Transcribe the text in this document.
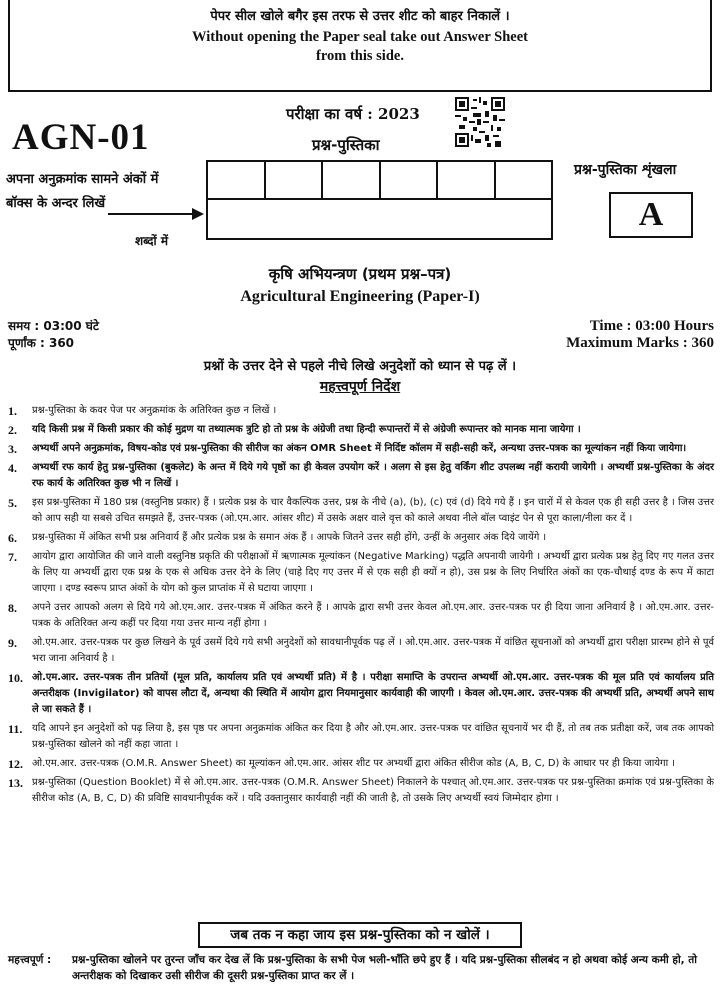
पेपर सील खोले बगैर इस तरफ से उत्तर शीट को बाहर निकालें ।
Without opening the Paper seal take out Answer Sheet
from this side.
AGN-01
परीक्षा का वर्ष : 2023
प्रश्न-पुस्तिका
अपना अनुक्रमांक सामने अंकों में
बॉक्स के अन्दर लिखें
शब्दों में
प्रश्न-पुस्तिका शृंखला
A
कृषि अभियन्त्रण (प्रथम प्रश्न–पत्र)
Agricultural Engineering (Paper-I)
समय : 03:00 घंटे
पूर्णांक : 360
Time : 03:00 Hours
Maximum Marks : 360
प्रश्नों के उत्तर देने से पहले नीचे लिखे अनुदेशों को ध्यान से पढ़ लें ।
महत्त्वपूर्ण निर्देश
1.	प्रश्न-पुस्तिका के कवर पेज पर अनुक्रमांक के अतिरिक्त कुछ न लिखें ।
2.	यदि किसी प्रश्न में किसी प्रकार की कोई मुद्रण या तथ्यात्मक त्रुटि हो तो प्रश्न के अंग्रेजी तथा हिन्दी रूपान्तरों में से अंग्रेजी रूपान्तर को मानक माना जायेगा ।
3.	अभ्यर्थी अपने अनुक्रमांक, विषय-कोड एवं प्रश्न-पुस्तिका की सीरीज का अंकन OMR Sheet में निर्दिष्ट कॉलम में सही-सही करें, अन्यथा उत्तर-पत्रक का मूल्यांकन नहीं किया जायेगा।
4.	अभ्यर्थी रफ कार्य हेतु प्रश्न-पुस्तिका (बुकलेट) के अन्त में दिये गये पृष्ठों का ही केवल उपयोग करें । अलग से इस हेतु वर्किंग शीट उपलब्ध नहीं करायी जायेगी । अभ्यर्थी प्रश्न-पुस्तिका के अंदर रफ कार्य के अतिरिक्त कुछ भी न लिखें ।
5.	इस प्रश्न-पुस्तिका में 180 प्रश्न (वस्तुनिष्ठ प्रकार) हैं । प्रत्येक प्रश्न के चार वैकल्पिक उत्तर, प्रश्न के नीचे (a), (b), (c) एवं (d) दिये गये हैं । इन चारों में से केवल एक ही सही उत्तर है । जिस उत्तर को आप सही या सबसे उचित समझते हैं, उत्तर-पत्रक (ओ.एम.आर. आंसर शीट) में उसके अक्षर वाले वृत्त को काले अथवा नीले बॉल प्वाइंट पेन से पूरा काला/नीला कर दें ।
6.	प्रश्न-पुस्तिका में अंकित सभी प्रश्न अनिवार्य हैं और प्रत्येक प्रश्न के समान अंक हैं । आपके जितने उत्तर सही होंगे, उन्हीं के अनुसार अंक दिये जायेंगे ।
7.	आयोग द्वारा आयोजित की जाने वाली वस्तुनिष्ठ प्रकृति की परीक्षाओं में ऋणात्मक मूल्यांकन (Negative Marking) पद्धति अपनायी जायेगी । अभ्यर्थी द्वारा प्रत्येक प्रश्न हेतु दिए गए गलत उत्तर के लिए या अभ्यर्थी द्वारा एक प्रश्न के एक से अधिक उत्तर देने के लिए (चाहे दिए गए उत्तर में से एक सही ही क्यों न हो), उस प्रश्न के लिए निर्धारित अंकों का एक-चौथाई दण्ड के रूप में काटा जाएगा । दण्ड स्वरूप प्राप्त अंकों के योग को कुल प्राप्तांक में से घटाया जाएगा ।
8.	अपने उत्तर आपको अलग से दिये गये ओ.एम.आर. उत्तर-पत्रक में अंकित करने हैं । आपके द्वारा सभी उत्तर केवल ओ.एम.आर. उत्तर-पत्रक पर ही दिया जाना अनिवार्य है । ओ.एम.आर. उत्तर-पत्रक के अतिरिक्त अन्य कहीं पर दिया गया उत्तर मान्य नहीं होगा ।
9.	ओ.एम.आर. उत्तर-पत्रक पर कुछ लिखने के पूर्व उसमें दिये गये सभी अनुदेशों को सावधानीपूर्वक पढ़ लें । ओ.एम.आर. उत्तर-पत्रक में वांछित सूचनाओं को अभ्यर्थी द्वारा परीक्षा प्रारम्भ होने से पूर्व भरा जाना अनिवार्य है ।
10. ओ.एम.आर. उत्तर-पत्रक तीन प्रतियों (मूल प्रति, कार्यालय प्रति एवं अभ्यर्थी प्रति) में है । परीक्षा समाप्ति के उपरान्त अभ्यर्थी ओ.एम.आर. उत्तर-पत्रक की मूल प्रति एवं कार्यालय प्रति अन्तरीक्षक (Invigilator) को वापस लौटा दें, अन्यथा की स्थिति में आयोग द्वारा नियमानुसार कार्यवाही की जाएगी । केवल ओ.एम.आर. उत्तर-पत्रक की अभ्यर्थी प्रति, अभ्यर्थी अपने साथ ले जा सकते हैं ।
11. यदि आपने इन अनुदेशों को पढ़ लिया है, इस पृष्ठ पर अपना अनुक्रमांक अंकित कर दिया है और ओ.एम.आर. उत्तर-पत्रक पर वांछित सूचनायें भर दी हैं, तो तब तक प्रतीक्षा करें, जब तक आपको प्रश्न-पुस्तिका खोलने को नहीं कहा जाता ।
12. ओ.एम.आर. उत्तर-पत्रक (O.M.R. Answer Sheet) का मूल्यांकन ओ.एम.आर. आंसर शीट पर अभ्यर्थी द्वारा अंकित सीरीज कोड (A, B, C, D) के आधार पर ही किया जायेगा ।
13. प्रश्न-पुस्तिका (Question Booklet) में से ओ.एम.आर. उत्तर-पत्रक (O.M.R. Answer Sheet) निकालने के पश्चात् ओ.एम.आर. उत्तर-पत्रक पर प्रश्न-पुस्तिका क्रमांक एवं प्रश्न-पुस्तिका के सीरीज कोड (A, B, C, D) की प्रविष्टि सावधानीपूर्वक करें । यदि उक्तानुसार कार्यवाही नहीं की जाती है, तो उसके लिए अभ्यर्थी स्वयं जिम्मेदार होगा ।
जब तक न कहा जाय इस प्रश्न-पुस्तिका को न खोलें ।
महत्त्वपूर्ण :	प्रश्न-पुस्तिका खोलने पर तुरन्त जाँच कर देख लें कि प्रश्न-पुस्तिका के सभी पेज भली-भाँति छपे हुए हैं । यदि प्रश्न-पुस्तिका सीलबंद न हो अथवा कोई अन्य कमी हो, तो अन्तरीक्षक को दिखाकर उसी सीरीज की दूसरी प्रश्न-पुस्तिका प्राप्त कर लें ।
